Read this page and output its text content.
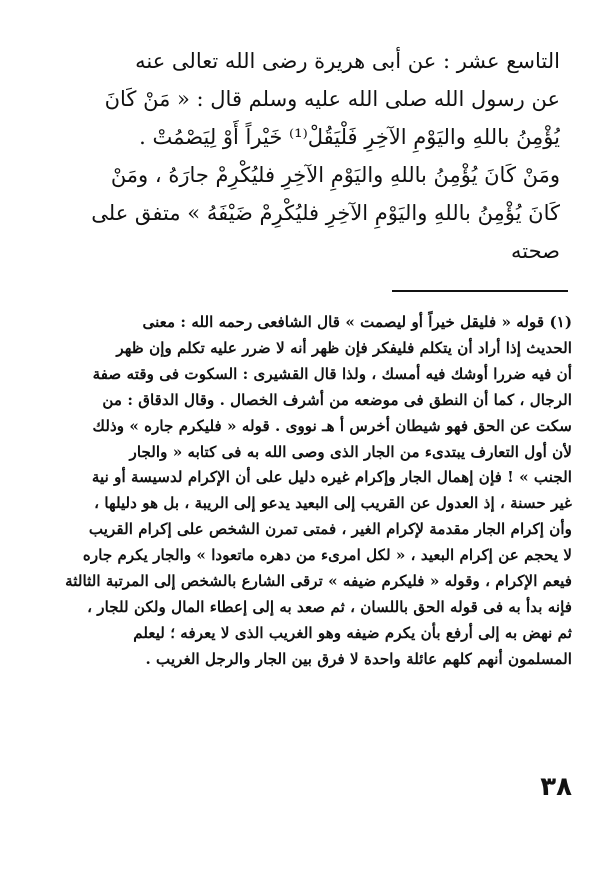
التاسع عشر : عن أبى هريرة رضى الله تعالى عنه
عن رسول الله صلى الله عليه وسلم قال : « مَنْ كَانَ
يُؤْمِنُ باللهِ واليَوْمِ الآخِرِ فَلْيَقُلْ⁽¹⁾ خَيْراً أَوْ لِيَصْمُتْ .
ومَنْ كَانَ يُؤْمِنُ باللهِ واليَوْمِ الآخِرِ فليُكْرِمْ جارَهُ ، ومَنْ
كَانَ يُؤْمِنُ باللهِ واليَوْمِ الآخِرِ فليُكْرِمْ ضَيْفَهُ » متفق على
صحته
(١) قوله « فليقل خيراً أو ليصمت » قال الشافعى رحمه الله : معنى
الحديث إذا أراد أن يتكلم فليفكر فإن ظهر أنه لا ضرر عليه تكلم وإن ظهر
أن فيه ضررا أوشك فيه أمسك ، ولذا قال القشيرى : السكوت فى وقته صفة
الرجال ، كما أن النطق فى موضعه من أشرف الخصال . وقال الدقاق : من
سكت عن الحق فهو شيطان أخرس أ هـ نووى . قوله « فليكرم جاره » وذلك
لأن أول التعارف يبتدىء من الجار الذى وصى الله به فى كتابه « والجار
الجنب » ! فإن إهمال الجار وإكرام غيره دليل على أن الإكرام لدسيسة أو نية
غير حسنة ، إذ العدول عن القريب إلى البعيد يدعو إلى الريبة ، بل هو دليلها ،
وأن إكرام الجار مقدمة لإكرام الغير ، فمتى تمرن الشخص على إكرام القريب
لا يحجم عن إكرام البعيد ، « لكل امرىء من دهره ماتعودا » والجار يكرم جاره
فيعم الإكرام ، وقوله « فليكرم ضيفه » ترقى الشارع بالشخص إلى المرتبة الثالثة
فإنه بدأ به فى قوله الحق باللسان ، ثم صعد به إلى إعطاء المال ولكن للجار ،
ثم نهض به إلى أرفع بأن يكرم ضيفه وهو الغريب الذى لا يعرفه ؛ ليعلم
المسلمون أنهم كلهم عائلة واحدة لا فرق بين الجار والرجل الغريب .
٣٨
